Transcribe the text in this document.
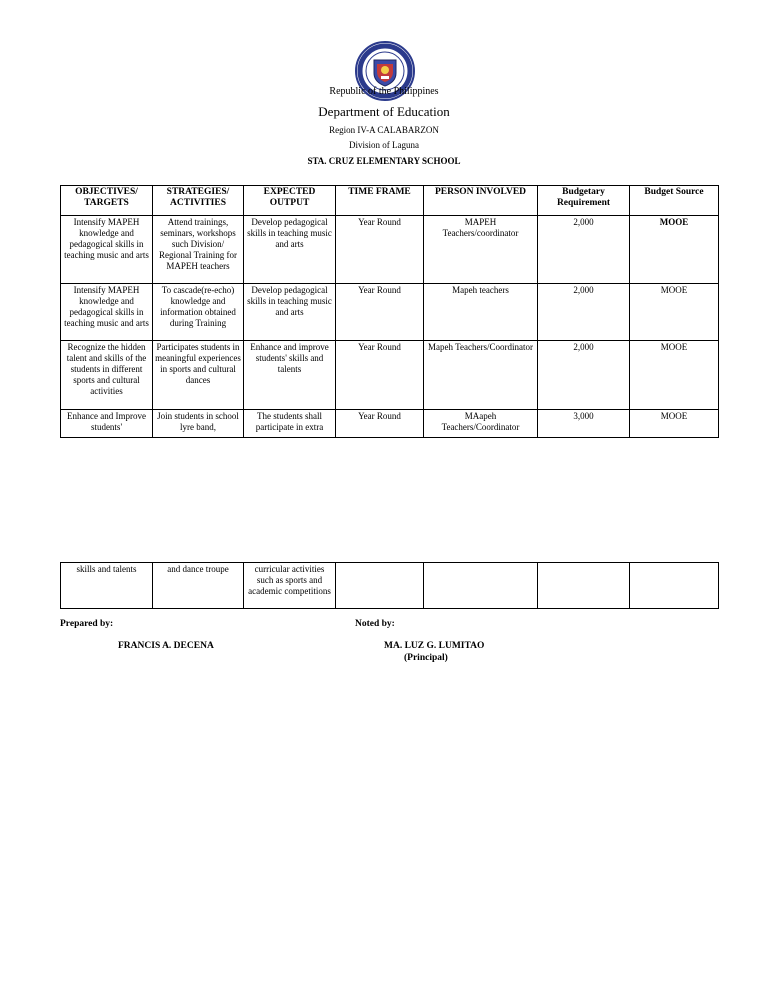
Republic of the Philippines
Department of Education
Region IV-A CALABARZON
Division of Laguna
STA. CRUZ ELEMENTARY SCHOOL
OBJECTIVES/ TARGETS	STRATEGIES/ ACTIVITIES	EXPECTED OUTPUT	TIME FRAME	PERSON INVOLVED	Budgetary Requirement	Budget Source
Intensify MAPEH knowledge and pedagogical skills in teaching music and arts	Attend trainings, seminars, workshops such Division/ Regional Training for MAPEH teachers	Develop pedagogical skills in teaching music and arts	Year Round	MAPEH Teachers/coordinator	2,000	MOOE
Intensify MAPEH knowledge and pedagogical skills in teaching music and arts	To cascade(re-echo) knowledge and information obtained during Training	Develop pedagogical skills in teaching music and arts	Year Round	Mapeh teachers	2,000	MOOE
Recognize the hidden talent and skills of the students in different sports and cultural activities	Participates students in meaningful experiences in sports and cultural dances	Enhance and improve students' skills and talents	Year Round	Mapeh Teachers/Coordinator	2,000	MOOE
Enhance and Improve students'	Join students in school lyre band,	The students shall participate in extra	Year Round	MAapeh Teachers/Coordinator	3,000	MOOE
skills and talents	and dance troupe	curricular activities such as sports and academic competitions				
Prepared by:	Noted by:
FRANCIS A. DECENA	MA. LUZ G. LUMITAO
(Principal)
